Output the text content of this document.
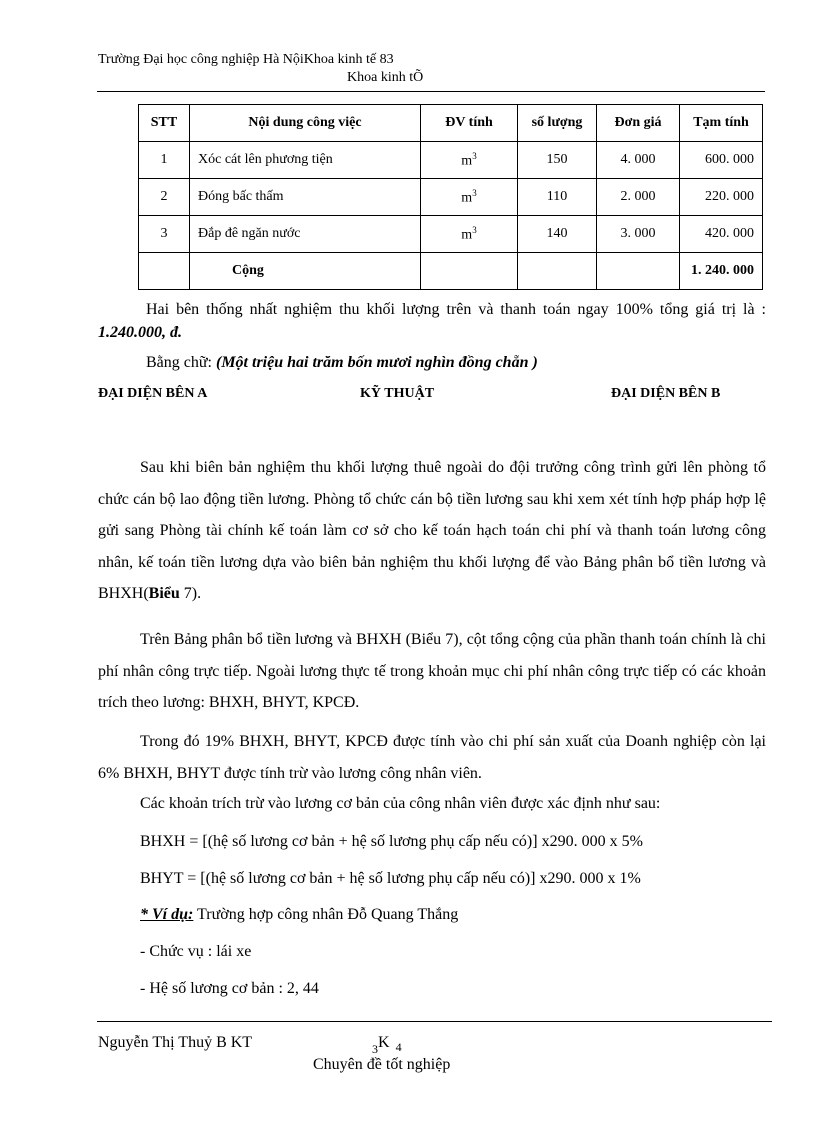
Trường Đại học công nghiệp Hà NộiKhoa kinh tế 83
Khoa kinh tÕ
STT	Nội dung công việc	ĐV tính	số lượng	Đơn giá	Tạm tính
1	Xóc cát lên phương tiện	$m^3$	150	4. 000	600. 000
2	Đóng bấc thấm	$m^3$	110	2. 000	220. 000
3	Đắp đê ngăn nước	$m^3$	140	3. 000	420. 000
	Cộng				1. 240. 000
Hai bên thống nhất nghiệm thu khối lượng trên và thanh toán ngay 100% tổng giá trị là : 1.240.000, đ.
Bằng chữ: (Một triệu hai trăm bốn mươi nghìn đồng chẵn )
ĐẠI DIỆN BÊN A	KỸ THUẬT	ĐẠI DIỆN BÊN B
Sau khi biên bản nghiệm thu khối lượng thuê ngoài do đội trưởng công trình gửi lên phòng tổ chức cán bộ lao động tiền lương. Phòng tổ chức cán bộ tiền lương sau khi xem xét tính hợp pháp hợp lệ gửi sang Phòng tài chính kế toán làm cơ sở cho kế toán hạch toán chi phí và thanh toán lương công nhân, kế toán tiền lương dựa vào biên bản nghiệm thu khối lượng để vào Bảng phân bổ tiền lương và BHXH(Biểu 7).
Trên Bảng phân bổ tiền lương và BHXH (Biểu 7), cột tổng cộng của phần thanh toán chính là chi phí nhân công trực tiếp. Ngoài lương thực tế trong khoản mục chi phí nhân công trực tiếp có các khoản trích theo lương: BHXH, BHYT, KPCĐ.
Trong đó 19% BHXH, BHYT, KPCĐ được tính vào chi phí sản xuất của Doanh nghiệp còn lại 6% BHXH, BHYT được tính trừ vào lương công nhân viên.
Các khoản trích trừ vào lương cơ bản của công nhân viên được xác định như sau:
BHXH = [(hệ số lương cơ bản + hệ số lương phụ cấp nếu có)] x290. 000 x 5%
BHYT = [(hệ số lương cơ bản + hệ số lương phụ cấp nếu có)] x290. 000 x 1%
* Ví dụ: Trường hợp công nhân Đỗ Quang Thắng
- Chức vụ : lái xe
- Hệ số lương cơ bản : 2, 44
Nguyễn Thị Thuỷ B KT	$_3$K $_4$
Chuyên đề tốt nghiệp
